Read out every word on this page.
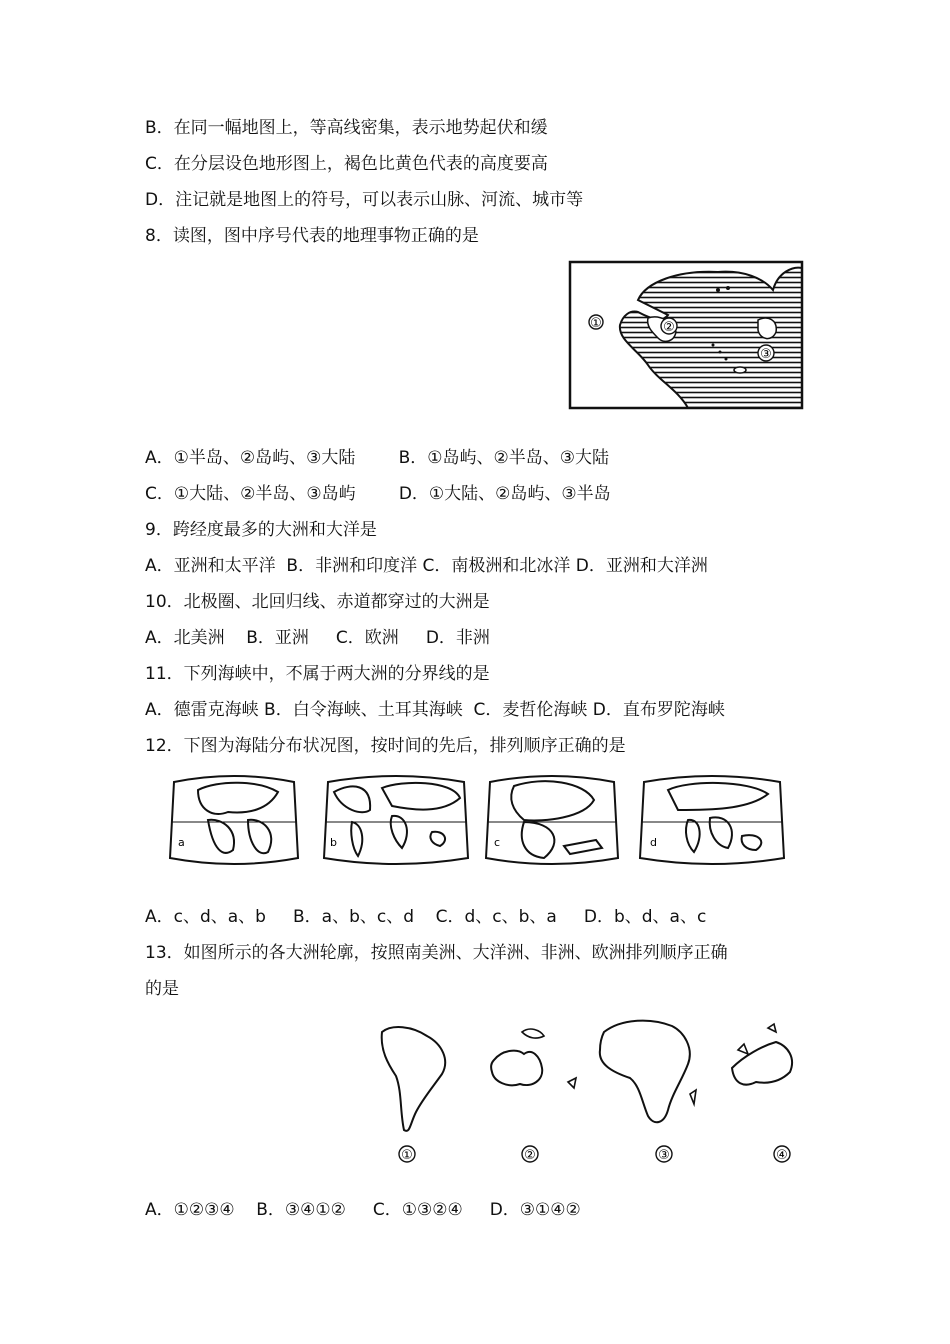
B．在同一幅地图上，等高线密集，表示地势起伏和缓
C．在分层设色地形图上，褐色比黄色代表的高度要高
D．注记就是地图上的符号，可以表示山脉、河流、城市等
8．读图，图中序号代表的地理事物正确的是
①	②
③
A．①半岛、②岛屿、③大陆        B．①岛屿、②半岛、③大陆
C．①大陆、②半岛、③岛屿        D．①大陆、②岛屿、③半岛
9．跨经度最多的大洲和大洋是
A．亚洲和太平洋  B．非洲和印度洋 C．南极洲和北冰洋 D．亚洲和大洋洲
10．北极圈、北回归线、赤道都穿过的大洲是
A．北美洲    B．亚洲     C．欧洲     D．非洲
11．下列海峡中，不属于两大洲的分界线的是
A．德雷克海峡 B．白令海峡、土耳其海峡  C．麦哲伦海峡 D．直布罗陀海峡
12．下图为海陆分布状况图，按时间的先后，排列顺序正确的是
a	b	c	d
A．c、d、a、b     B．a、b、c、d    C．d、c、b、a     D．b、d、a、c
13．如图所示的各大洲轮廓，按照南美洲、大洋洲、非洲、欧洲排列顺序正确
的是
①	②	③	④
A．①②③④    B．③④①②     C．①③②④     D．③①④②
